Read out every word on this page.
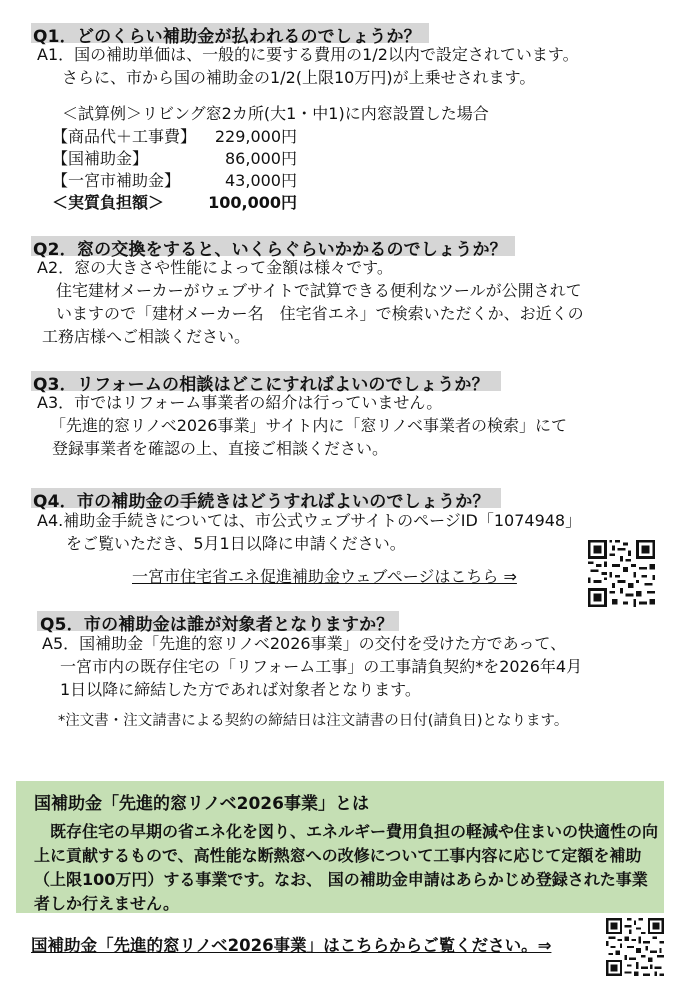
Q1．どのくらい補助金が払われるのでしょうか？
A1．国の補助単価は、一般的に要する費用の1/2以内で設定されています。
さらに、市から国の補助金の1/2(上限10万円)が上乗せされます。
＜試算例＞リビング窓2カ所(大1・中1)に内窓設置した場合
【商品代＋工事費】 229,000円
【国補助金】	86,000円
【一宮市補助金】	43,000円
＜実質負担額＞	100,000円
Q2．窓の交換をすると、いくらぐらいかかるのでしょうか？
A2．窓の大きさや性能によって金額は様々です。
住宅建材メーカーがウェブサイトで試算できる便利なツールが公開されて
いますので「建材メーカー名　住宅省エネ」で検索いただくか、お近くの
工務店様へご相談ください。
Q3．リフォームの相談はどこにすればよいのでしょうか？
A3．市ではリフォーム事業者の紹介は行っていません。
「先進的窓リノベ2026事業」サイト内に「窓リノベ事業者の検索」にて
登録事業者を確認の上、直接ご相談ください。
Q4．市の補助金の手続きはどうすればよいのでしょうか？
A4.補助金手続きについては、市公式ウェブサイトのページID「1074948」
をご覧いただき、5月1日以降に申請ください。
一宮市住宅省エネ促進補助金ウェブページはこちら ⇒
Q5．市の補助金は誰が対象者となりますか？
A5．国補助金「先進的窓リノベ2026事業」の交付を受けた方であって、
一宮市内の既存住宅の「リフォーム工事」の工事請負契約*を2026年4月
1日以降に締結した方であれば対象者となります。
*注文書・注文請書による契約の締結日は注文請書の日付(請負日)となります。
国補助金「先進的窓リノベ2026事業」とは
　既存住宅の早期の省エネ化を図り、エネルギー費用負担の軽減や住まいの快適性の向上に貢献するもので、高性能な断熱窓への改修について工事内容に応じて定額を補助（上限100万円）する事業です。なお、 国の補助金申請はあらかじめ登録された事業者しか行えません。
国補助金「先進的窓リノベ2026事業」はこちらからご覧ください。⇒
